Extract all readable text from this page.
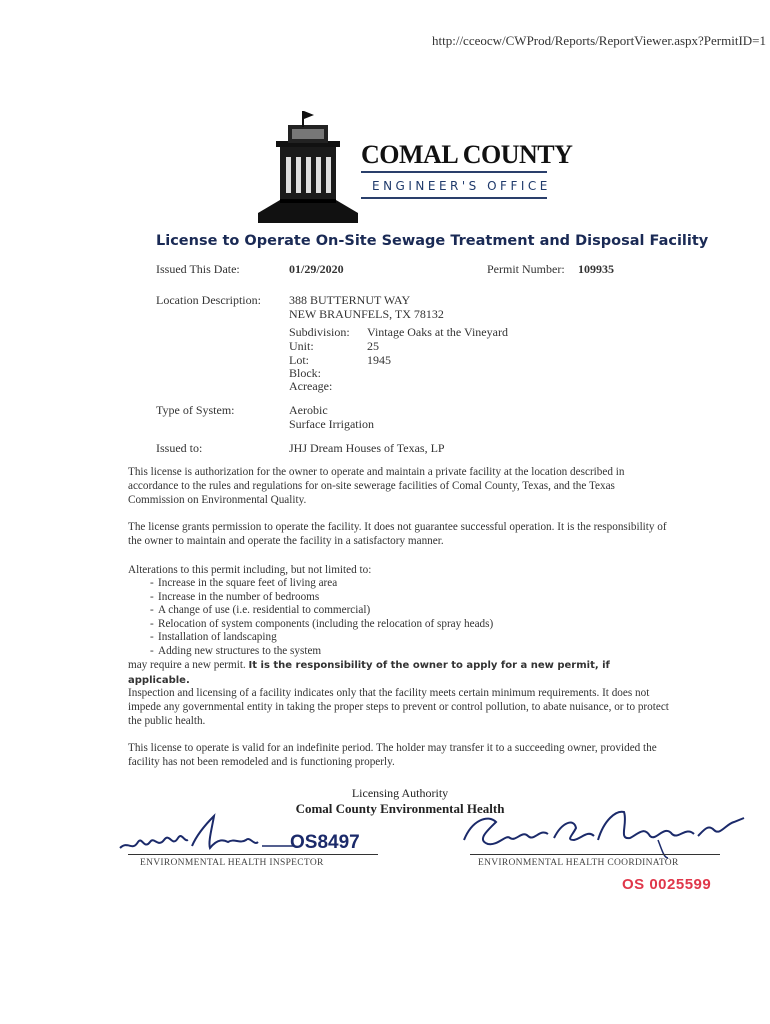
http://cceocw/CWProd/Reports/ReportViewer.aspx?PermitID=1
COMAL COUNTY
ENGINEER'S OFFICE
License to Operate On-Site Sewage Treatment and Disposal Facility
Issued This Date:	01/29/2020	Permit Number: 109935
Location Description: 388 BUTTERNUT WAY
NEW BRAUNFELS, TX 78132
Subdivision: Vintage Oaks at the Vineyard
Unit:	25
Lot:	1945
Block:
Acreage:
Type of System:	Aerobic
Surface Irrigation
Issued to:	JHJ Dream Houses of Texas, LP
This license is authorization for the owner to operate and maintain a private facility at the location described in accordance to the rules and regulations for on-site sewerage facilities of Comal County, Texas, and the Texas Commission on Environmental Quality.
The license grants permission to operate the facility. It does not guarantee successful operation. It is the responsibility of the owner to maintain and operate the facility in a satisfactory manner.

Alterations to this permit including, but not limited to:

- Increase in the square feet of living area
- Increase in the number of bedrooms
- A change of use (i.e. residential to commercial)
- Relocation of system components (including the relocation of spray heads)
- Installation of landscaping
- Adding new structures to the system

may require a new permit. It is the responsibility of the owner to apply for a new permit, if applicable.

Inspection and licensing of a facility indicates only that the facility meets certain minimum requirements. It does not impede any governmental entity in taking the proper steps to prevent or control pollution, to abate nuisance, or to protect the public health.
This license to operate is valid for an indefinite period. The holder may transfer it to a succeeding owner, provided the facility has not been remodeled and is functioning properly.
Licensing Authority
Comal County Environmental Health
OS8497
ENVIRONMENTAL HEALTH INSPECTOR	ENVIRONMENTAL HEALTH COORDINATOR
OS 0025599
